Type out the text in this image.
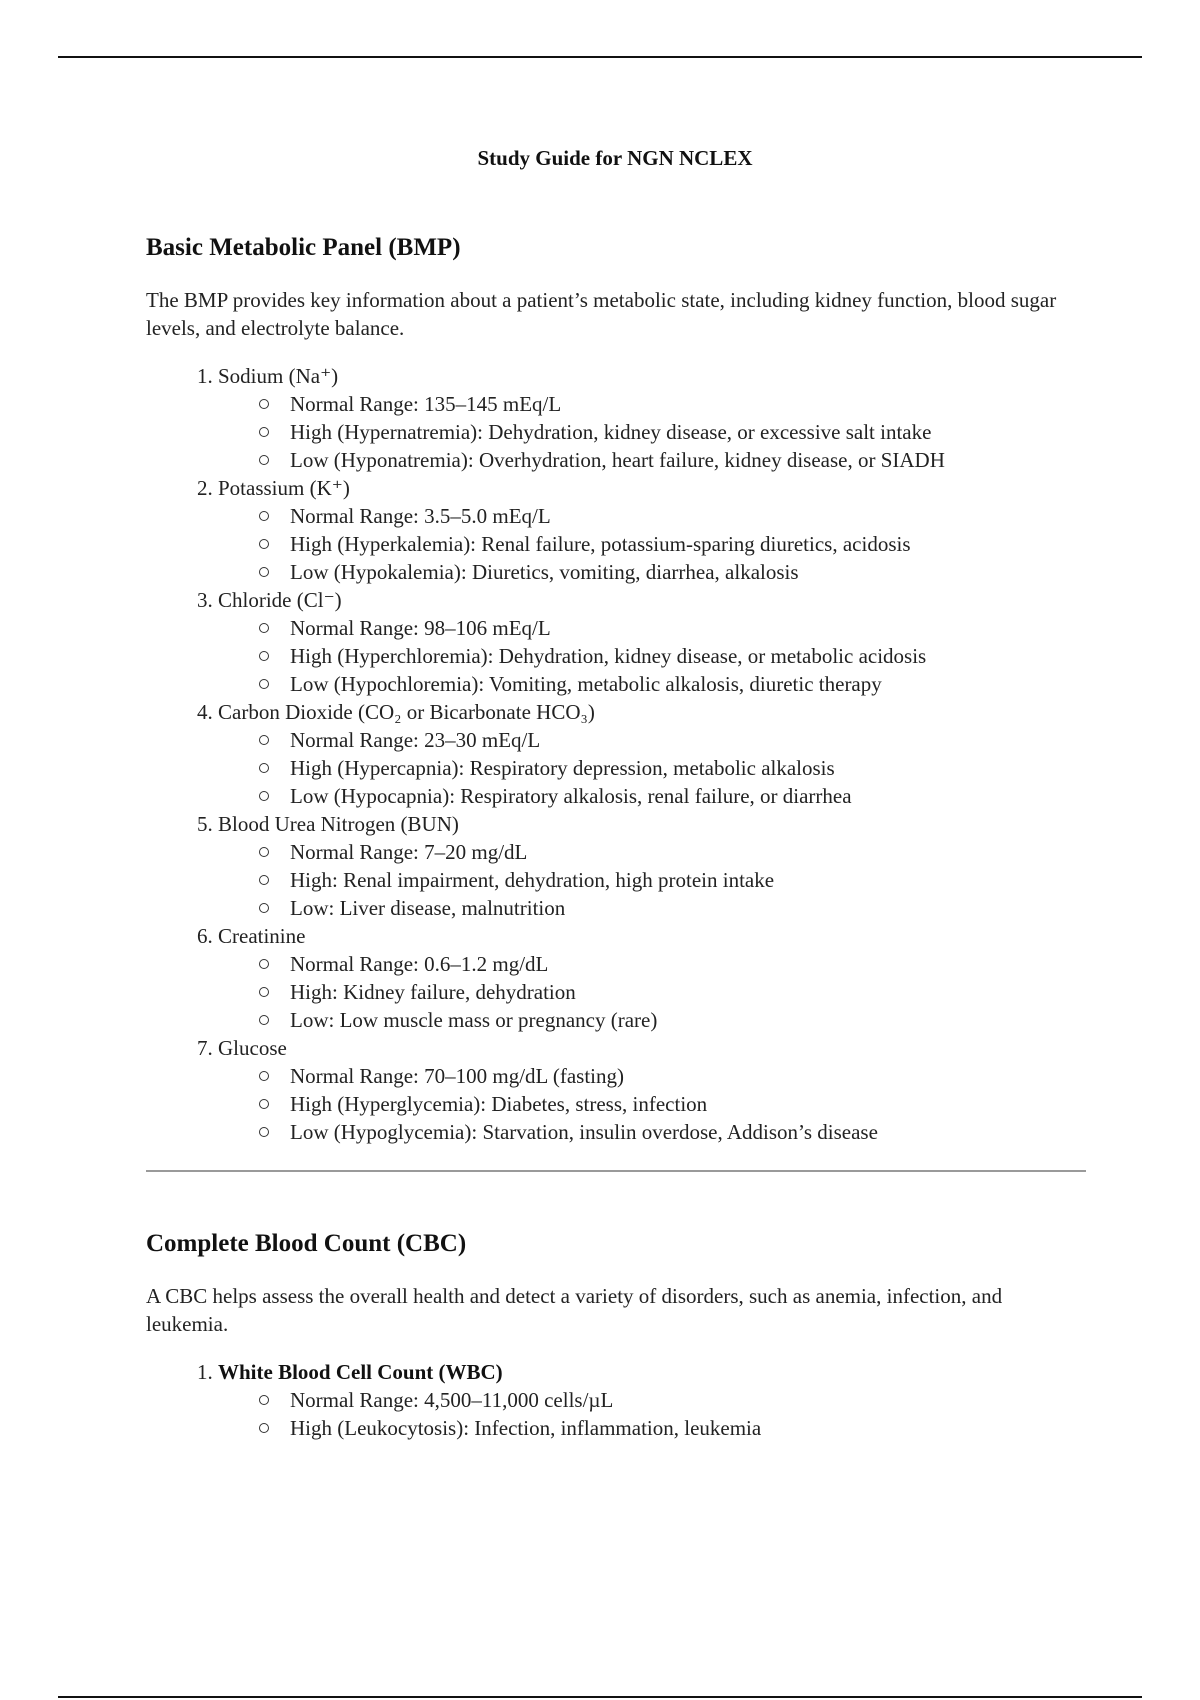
Study Guide for NGN NCLEX
Basic Metabolic Panel (BMP)

The BMP provides key information about a patient’s metabolic state, including kidney function, blood sugar levels, and electrolyte balance.

1. Sodium (Na⁺)
Normal Range: 135–145 mEq/L
High (Hypernatremia): Dehydration, kidney disease, or excessive salt intake
Low (Hyponatremia): Overhydration, heart failure, kidney disease, or SIADH
2. Potassium (K⁺)
Normal Range: 3.5–5.0 mEq/L
High (Hyperkalemia): Renal failure, potassium-sparing diuretics, acidosis
Low (Hypokalemia): Diuretics, vomiting, diarrhea, alkalosis
3. Chloride (Cl⁻)
Normal Range: 98–106 mEq/L
High (Hyperchloremia): Dehydration, kidney disease, or metabolic acidosis
Low (Hypochloremia): Vomiting, metabolic alkalosis, diuretic therapy
4. Carbon Dioxide (CO₂ or Bicarbonate HCO₃)
Normal Range: 23–30 mEq/L
High (Hypercapnia): Respiratory depression, metabolic alkalosis
Low (Hypocapnia): Respiratory alkalosis, renal failure, or diarrhea
5. Blood Urea Nitrogen (BUN)
Normal Range: 7–20 mg/dL
High: Renal impairment, dehydration, high protein intake
Low: Liver disease, malnutrition
6. Creatinine
Normal Range: 0.6–1.2 mg/dL
High: Kidney failure, dehydration
Low: Low muscle mass or pregnancy (rare)
7. Glucose
Normal Range: 70–100 mg/dL (fasting)
High (Hyperglycemia): Diabetes, stress, infection
Low (Hypoglycemia): Starvation, insulin overdose, Addison’s disease
Complete Blood Count (CBC)

A CBC helps assess the overall health and detect a variety of disorders, such as anemia, infection, and leukemia.

1. White Blood Cell Count (WBC)
Normal Range: 4,500–11,000 cells/µL
High (Leukocytosis): Infection, inflammation, leukemia
